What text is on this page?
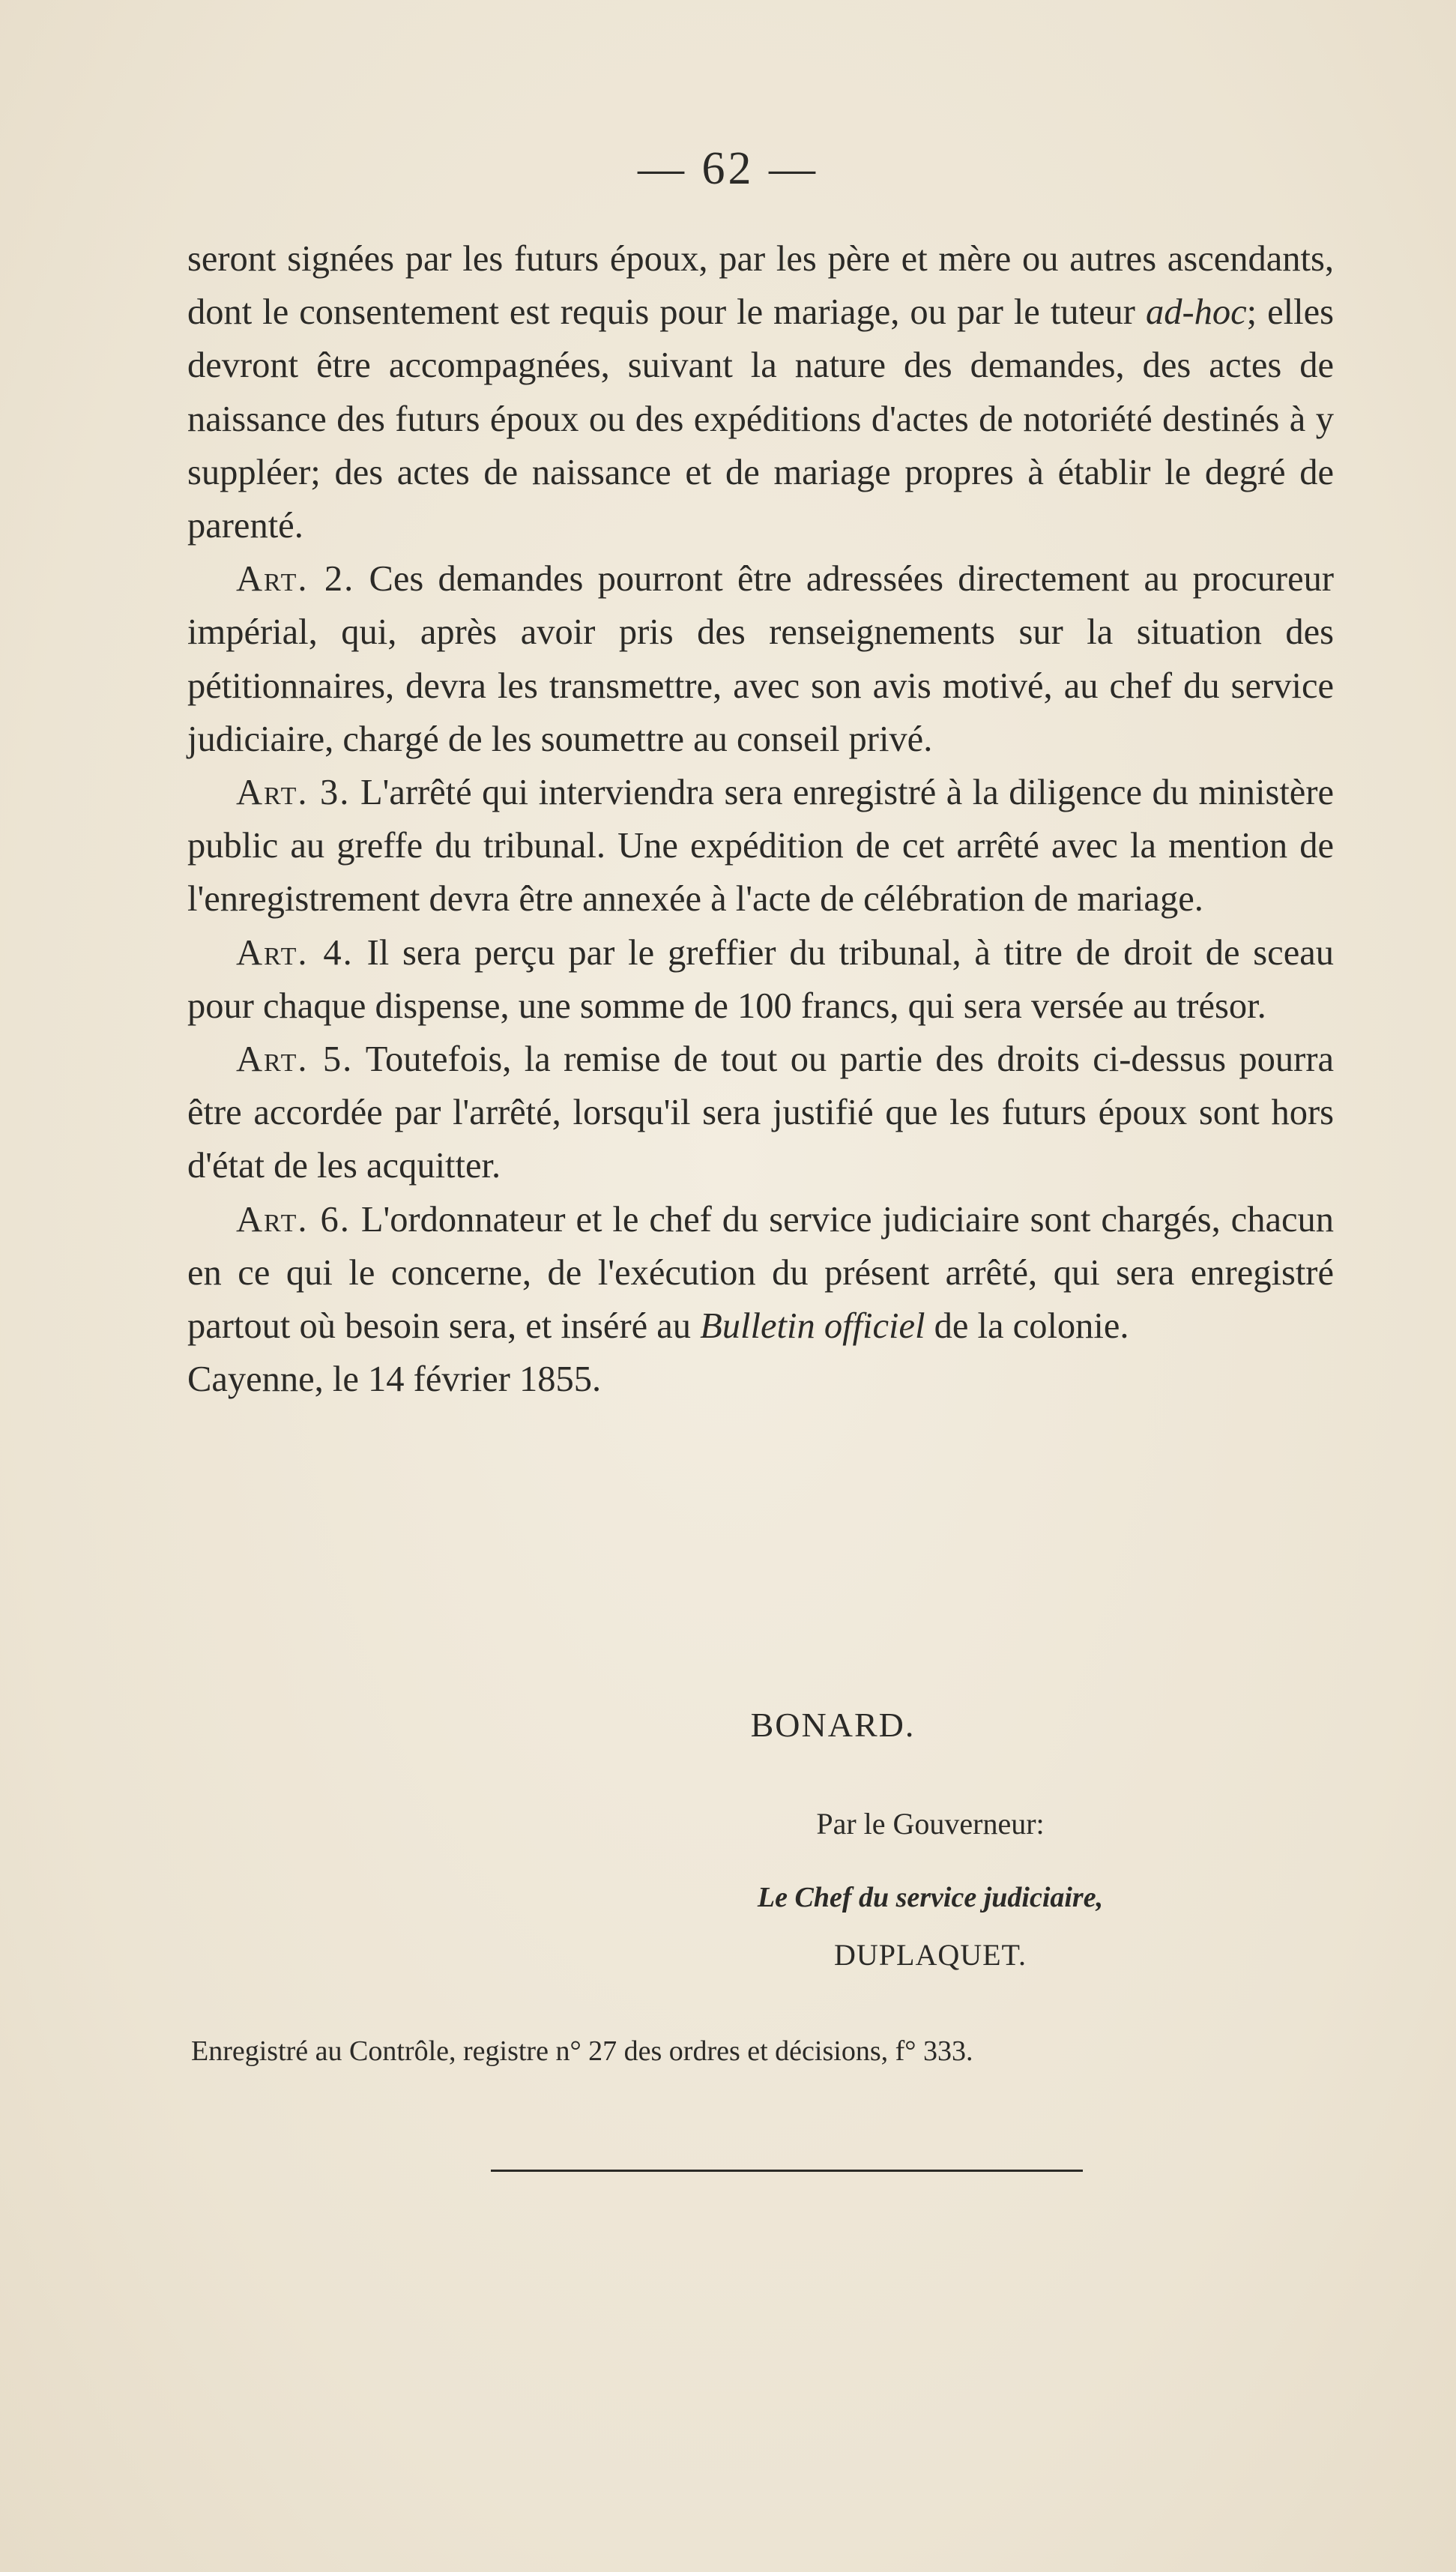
— 62 —

seront signées par les futurs époux, par les père et mère ou autres ascendants, dont le consentement est requis pour le mariage, ou par le tuteur ad-hoc; elles devront être accompagnées, suivant la nature des demandes, des actes de naissance des futurs époux ou des expéditions d'actes de notoriété destinés à y suppléer; des actes de naissance et de mariage propres à établir le degré de parenté.

Art. 2. Ces demandes pourront être adressées directement au procureur impérial, qui, après avoir pris des renseignements sur la situation des pétitionnaires, devra les transmettre, avec son avis motivé, au chef du service judiciaire, chargé de les soumettre au conseil privé.

Art. 3. L'arrêté qui interviendra sera enregistré à la diligence du ministère public au greffe du tribunal. Une expédition de cet arrêté avec la mention de l'enregistrement devra être annexée à l'acte de célébration de mariage.

Art. 4. Il sera perçu par le greffier du tribunal, à titre de droit de sceau pour chaque dispense, une somme de 100 francs, qui sera versée au trésor.

Art. 5. Toutefois, la remise de tout ou partie des droits ci-dessus pourra être accordée par l'arrêté, lorsqu'il sera justifié que les futurs époux sont hors d'état de les acquitter.

Art. 6. L'ordonnateur et le chef du service judiciaire sont chargés, chacun en ce qui le concerne, de l'exécution du présent arrêté, qui sera enregistré partout où besoin sera, et inséré au Bulletin officiel de la colonie.

Cayenne, le 14 février 1855.

BONARD.
Par le Gouverneur:
Le Chef du service judiciaire,
DUPLAQUET.
Enregistré au Contrôle, registre n° 27 des ordres et décisions, f° 333.
